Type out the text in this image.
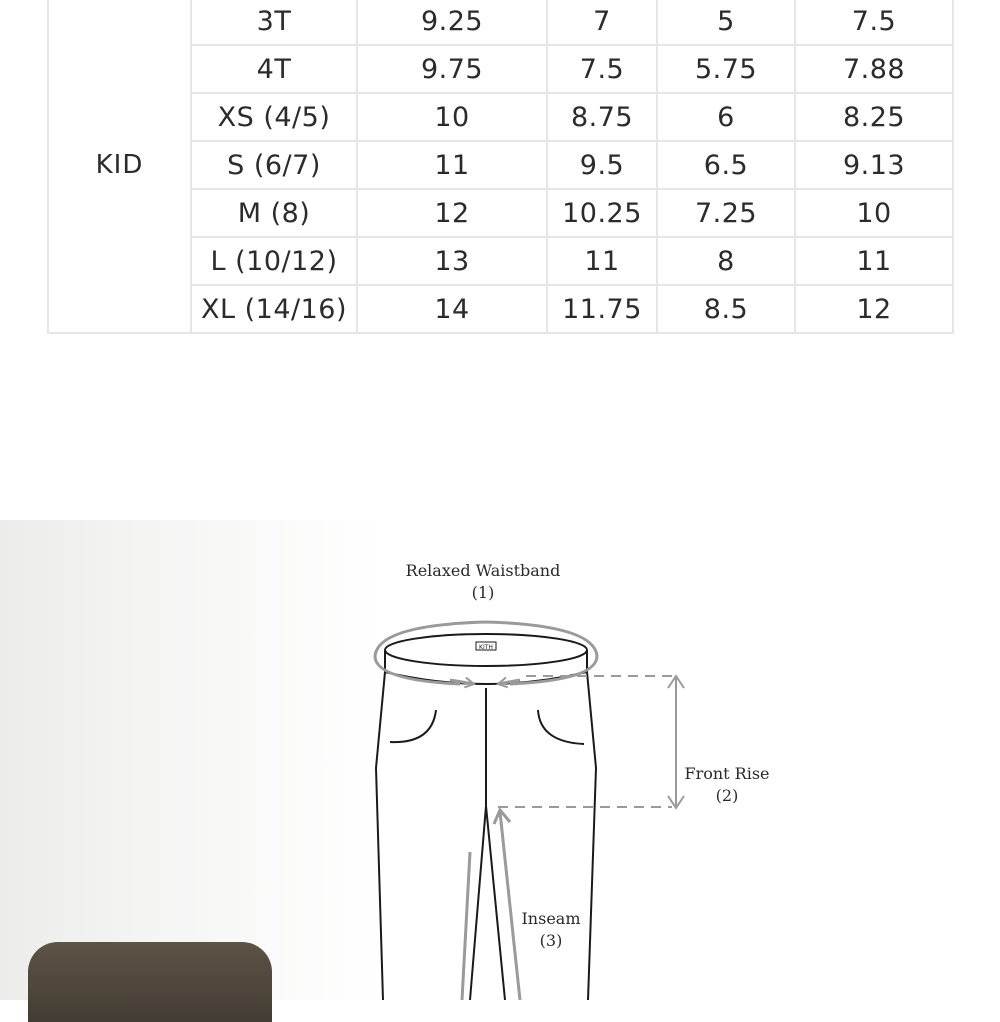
KID	3T	9.25	7	5	7.5
	4T	9.75	7.5	5.75	7.88
	XS (4/5)	10	8.75	6	8.25
	S (6/7)	11	9.5	6.5	9.13
	M (8)	12	10.25	7.25	10
	L (10/12)	13	11	8	11
	XL (14/16)	14	11.75	8.5	12
KITH
Relaxed Waistband
(1)
Front Rise
(2)
Inseam
(3)
